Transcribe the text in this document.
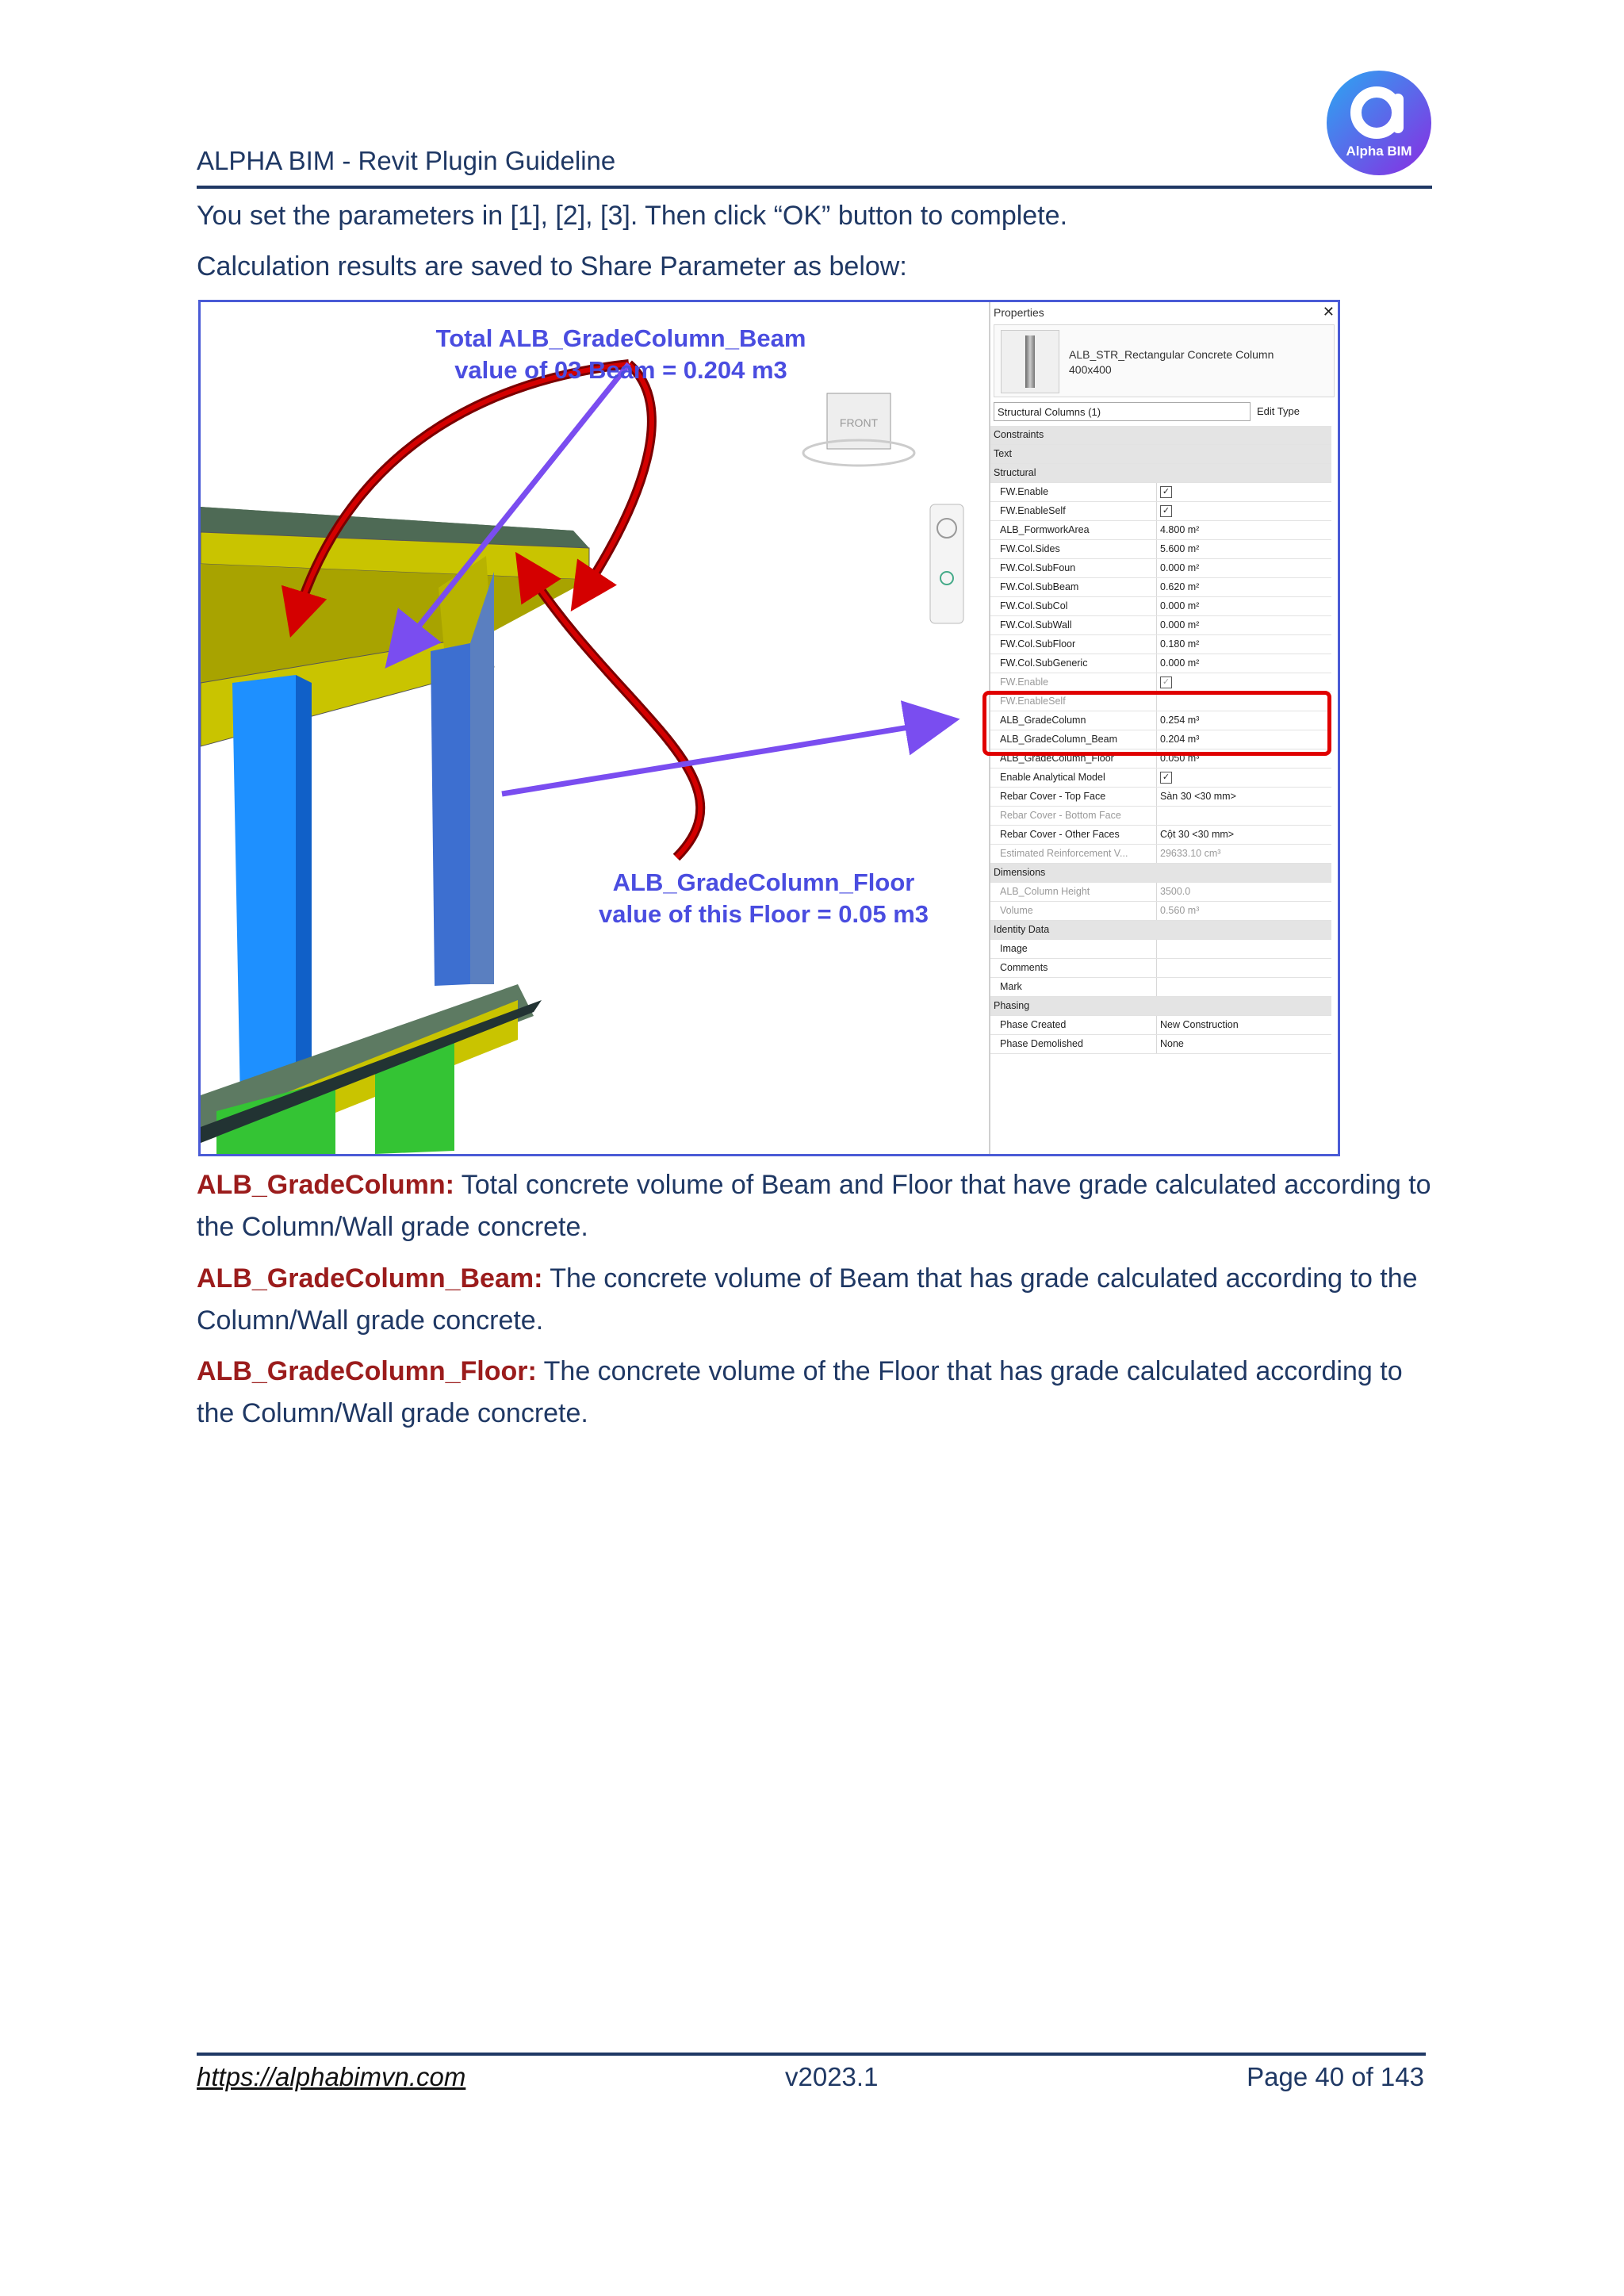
ALPHA BIM - Revit Plugin Guideline	Alpha BIM
You set the parameters in [1], [2], [3]. Then click “OK” button to complete.
Calculation results are saved to Share Parameter as below:
FRONT
Total ALB_GradeColumn_Beam
value of 03 Beam = 0.204 m3
ALB_GradeColumn_Floor
value of this Floor = 0.05 m3
Properties	✕
ALB_STR_Rectangular Concrete Column
400x400
Structural Columns (1)	Edit Type
Constraints
Text
Structural
FW.Enable	✓
FW.EnableSelf	✓
ALB_FormworkArea	4.800 m²
FW.Col.Sides	5.600 m²
FW.Col.SubFoun	0.000 m²
FW.Col.SubBeam	0.620 m²
FW.Col.SubCol	0.000 m²
FW.Col.SubWall	0.000 m²
FW.Col.SubFloor	0.180 m²
FW.Col.SubGeneric	0.000 m²
FW.Enable	✓
FW.EnableSelf
ALB_GradeColumn	0.254 m³
ALB_GradeColumn_Beam	0.204 m³
ALB_GradeColumn_Floor	0.050 m³
Enable Analytical Model	✓
Rebar Cover - Top Face	Sàn 30 <30 mm>
Rebar Cover - Bottom Face
Rebar Cover - Other Faces	Cột 30 <30 mm>
Estimated Reinforcement V...	29633.10 cm³
Dimensions
ALB_Column Height	3500.0
Volume	0.560 m³
Identity Data
Image
Comments
Mark
Phasing
Phase Created	New Construction
Phase Demolished	None
ALB_GradeColumn: Total concrete volume of Beam and Floor that have grade calculated according to the Column/Wall grade concrete.
ALB_GradeColumn_Beam: The concrete volume of Beam that has grade calculated according to the Column/Wall grade concrete.
ALB_GradeColumn_Floor: The concrete volume of the Floor that has grade calculated according to the Column/Wall grade concrete.
https://alphabimvn.com	v2023.1	Page 40 of 143
